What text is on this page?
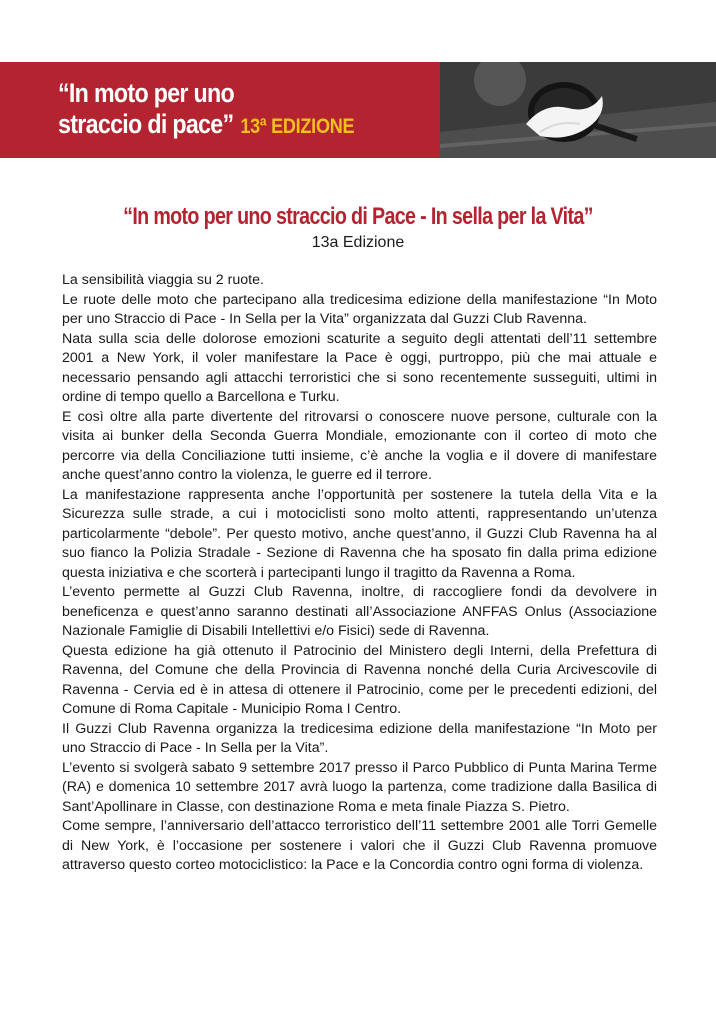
“In moto per uno
straccio di pace” 13ª EDIZIONE
“In moto per uno straccio di Pace - In sella per la Vita”
13a Edizione

La sensibilità viaggia su 2 ruote.

Le ruote delle moto che partecipano alla tredicesima edizione della manifestazione “In Moto per uno Straccio di Pace - In Sella per la Vita” organizzata dal Guzzi Club Ravenna.

Nata sulla scia delle dolorose emozioni scaturite a seguito degli attentati dell’11 settembre 2001 a New York, il voler manifestare la Pace è oggi, purtroppo, più che mai attuale e necessario pensando agli attacchi terroristici che si sono recentemente susseguiti, ultimi in ordine di tempo quello a Barcellona e Turku.

E così oltre alla parte divertente del ritrovarsi o conoscere nuove persone, culturale con la visita ai bunker della Seconda Guerra Mondiale, emozionante con il corteo di moto che percorre via della Conciliazione tutti insieme, c’è anche la voglia e il dovere di manifestare anche quest’anno contro la violenza, le guerre ed il terrore.

La manifestazione rappresenta anche l’opportunità per sostenere la tutela della Vita e la Sicurezza sulle strade, a cui i motociclisti sono molto attenti, rappresentando un’utenza particolarmente “debole”. Per questo motivo, anche quest’anno, il Guzzi Club Ravenna ha al suo fianco la Polizia Stradale - Sezione di Ravenna che ha sposato fin dalla prima edizione questa iniziativa e che scorterà i partecipanti lungo il tragitto da Ravenna a Roma.

L’evento permette al Guzzi Club Ravenna, inoltre, di raccogliere fondi da devolvere in beneficenza e quest’anno saranno destinati all’Associazione ANFFAS Onlus (Associazione Nazionale Famiglie di Disabili Intellettivi e/o Fisici) sede di Ravenna.

Questa edizione ha già ottenuto il Patrocinio del Ministero degli Interni, della Prefettura di Ravenna, del Comune che della Provincia di Ravenna nonché della Curia Arcivescovile di Ravenna - Cervia ed è in attesa di ottenere il Patrocinio, come per le precedenti edizioni, del Comune di Roma Capitale - Municipio Roma I Centro.

Il Guzzi Club Ravenna organizza la tredicesima edizione della manifestazione “In Moto per uno Straccio di Pace - In Sella per la Vita”.

L’evento si svolgerà sabato 9 settembre 2017 presso il Parco Pubblico di Punta Marina Terme (RA) e domenica 10 settembre 2017 avrà luogo la partenza, come tradizione dalla Basilica di Sant’Apollinare in Classe, con destinazione Roma e meta finale Piazza S. Pietro.

Come sempre, l’anniversario dell’attacco terroristico dell’11 settembre 2001 alle Torri Gemelle di New York, è l’occasione per sostenere i valori che il Guzzi Club Ravenna promuove attraverso questo corteo motociclistico: la Pace e la Concordia contro ogni forma di violenza.
